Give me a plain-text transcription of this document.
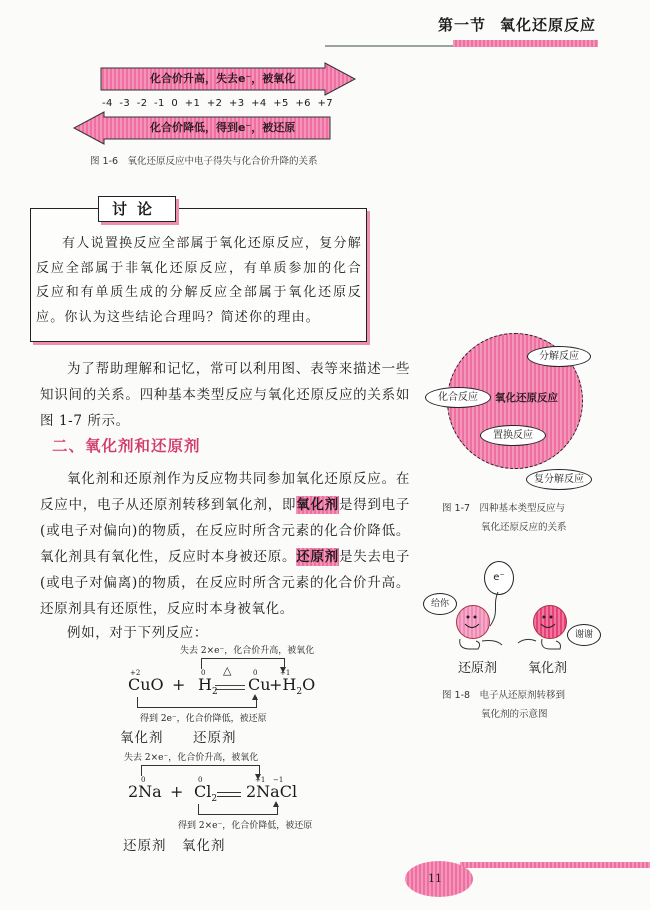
第一节 氧化还原反应
化合价升高，失去e⁻，被氧化
-4 -3 -2 -1 0 +1 +2 +3 +4 +5 +6 +7
化合价降低，得到e⁻，被还原
图 1-6　氧化还原反应中电子得失与化合价升降的关系
讨论
有人说置换反应全部属于氧化还原反应，复分解反应全部属于非氧化还原反应，有单质参加的化合反应和有单质生成的分解反应全部属于氧化还原反应。你认为这些结论合理吗？简述你的理由。
为了帮助理解和记忆，常可以利用图、表等来描述一些知识间的关系。四种基本类型反应与氧化还原反应的关系如图 1-7 所示。
二、氧化剂和还原剂
氧化剂和还原剂作为反应物共同参加氧化还原反应。在反应中，电子从还原剂转移到氧化剂，即氧化剂是得到电子(或电子对偏向)的物质，在反应时所含元素的化合价降低。氧化剂具有氧化性，反应时本身被还原。还原剂是失去电子(或电子对偏离)的物质，在反应时所含元素的化合价升高。还原剂具有还原性，反应时本身被氧化。
例如，对于下列反应：
失去 2×e⁻，化合价升高，被氧化
+2
CuO +
0
$H_2$
△	0
Cu
+1
$+H_2O$
得到 2e⁻，化合价降低，被还原
氧化剂 还原剂
失去 2×e⁻，化合价升高，被氧化
0
2Na +
0
$Cl_2$
+1 −1
2NaCl
得到 2×e⁻，化合价降低，被还原
还原剂 氧化剂
氧化还原反应
分解反应
化合反应
置换反应
复分解反应
图 1-7　四种基本类型反应与
氧化还原反应的关系
e⁻
给你
谢谢
还原剂 氧化剂
图 1-8　电子从还原剂转移到
氧化剂的示意图
11
